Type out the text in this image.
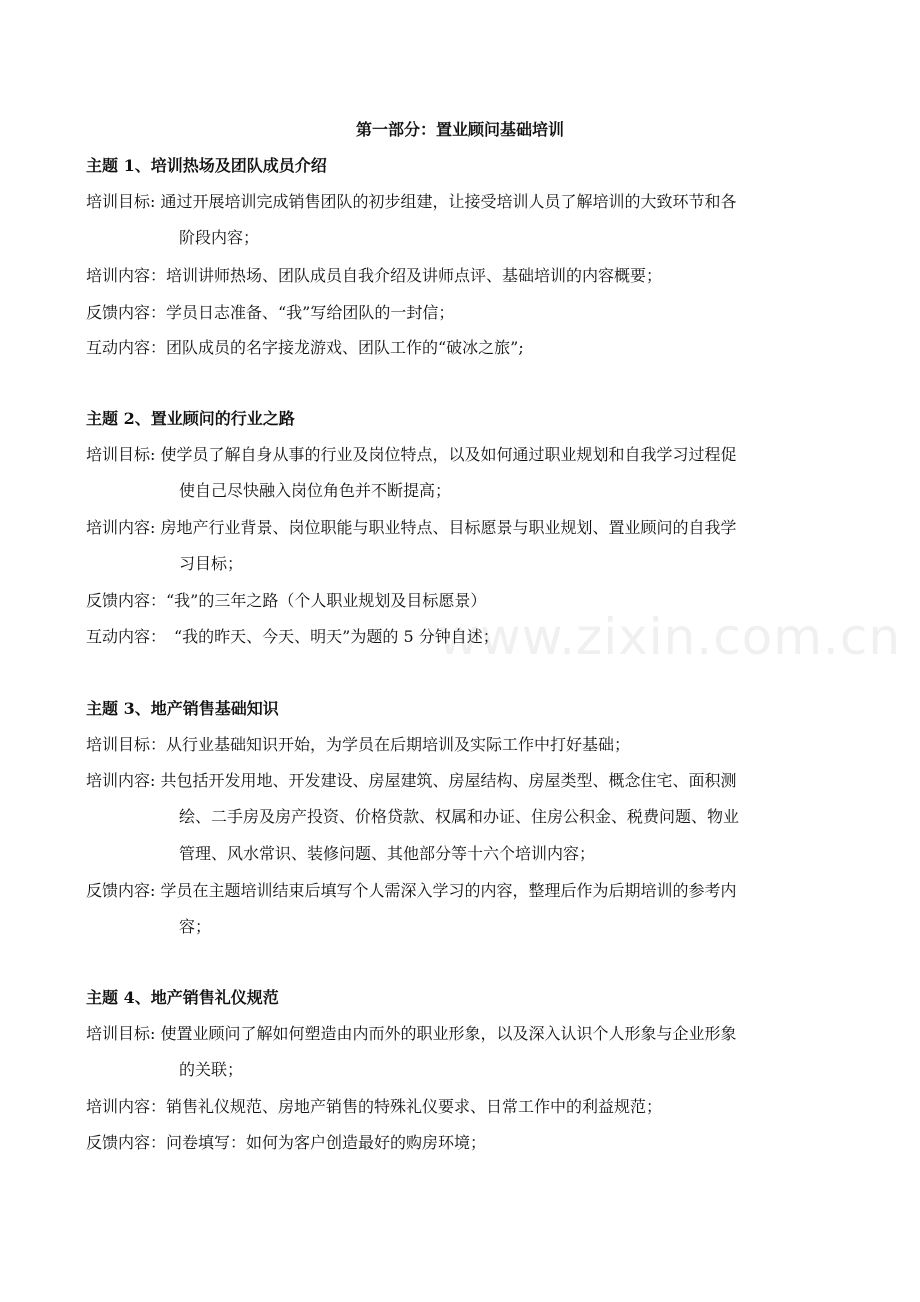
www.zixin.com.cn
第一部分：置业顾问基础培训
主题 1、培训热场及团队成员介绍
培训目标: 通过开展培训完成销售团队的初步组建，让接受培训人员了解培训的大致环节和各
阶段内容；
培训内容：培训讲师热场、团队成员自我介绍及讲师点评、基础培训的内容概要；
反馈内容：学员日志准备、“我”写给团队的一封信；
互动内容：团队成员的名字接龙游戏、团队工作的“破冰之旅”;
主题 2、置业顾问的行业之路
培训目标: 使学员了解自身从事的行业及岗位特点，以及如何通过职业规划和自我学习过程促
使自己尽快融入岗位角色并不断提高；
培训内容: 房地产行业背景、岗位职能与职业特点、目标愿景与职业规划、置业顾问的自我学
习目标；
反馈内容：“我”的三年之路（个人职业规划及目标愿景）
互动内容：　“我的昨天、今天、明天”为题的 5 分钟自述；
主题 3、地产销售基础知识
培训目标：从行业基础知识开始，为学员在后期培训及实际工作中打好基础；
培训内容: 共包括开发用地、开发建设、房屋建筑、房屋结构、房屋类型、概念住宅、面积测
绘、二手房及房产投资、价格贷款、权属和办证、住房公积金、税费问题、物业
管理、风水常识、装修问题、其他部分等十六个培训内容；
反馈内容: 学员在主题培训结束后填写个人需深入学习的内容，整理后作为后期培训的参考内
容；
主题 4、地产销售礼仪规范
培训目标: 使置业顾问了解如何塑造由内而外的职业形象，以及深入认识个人形象与企业形象
的关联；
培训内容：销售礼仪规范、房地产销售的特殊礼仪要求、日常工作中的利益规范；
反馈内容：问卷填写：如何为客户创造最好的购房环境；
